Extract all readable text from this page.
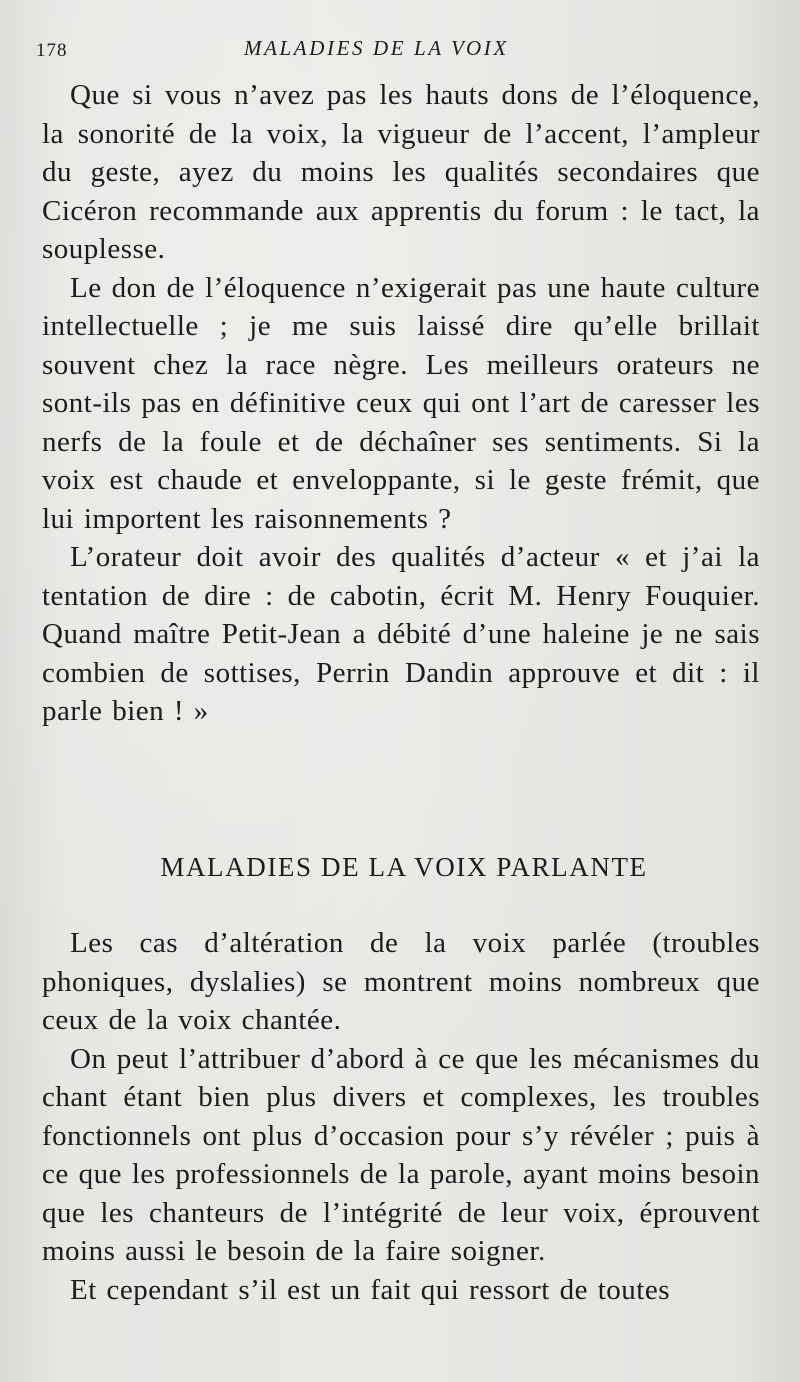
178	MALADIES DE LA VOIX

Que si vous n’avez pas les hauts dons de l’éloquence, la sonorité de la voix, la vigueur de l’accent, l’ampleur du geste, ayez du moins les qualités secondaires que Cicéron recommande aux apprentis du forum : le tact, la souplesse.

Le don de l’éloquence n’exigerait pas une haute culture intellectuelle ; je me suis laissé dire qu’elle brillait souvent chez la race nègre. Les meilleurs orateurs ne sont-ils pas en définitive ceux qui ont l’art de caresser les nerfs de la foule et de déchaîner ses sentiments. Si la voix est chaude et enveloppante, si le geste frémit, que lui importent les raisonnements ?

L’orateur doit avoir des qualités d’acteur « et j’ai la tentation de dire : de cabotin, écrit M. Henry Fouquier. Quand maître Petit-Jean a débité d’une haleine je ne sais combien de sottises, Perrin Dandin approuve et dit : il parle bien ! »

MALADIES DE LA VOIX PARLANTE

Les cas d’altération de la voix parlée (troubles phoniques, dyslalies) se montrent moins nombreux que ceux de la voix chantée.

On peut l’attribuer d’abord à ce que les mécanismes du chant étant bien plus divers et complexes, les troubles fonctionnels ont plus d’occasion pour s’y révéler ; puis à ce que les professionnels de la parole, ayant moins besoin que les chanteurs de l’intégrité de leur voix, éprouvent moins aussi le besoin de la faire soigner.

Et cependant s’il est un fait qui ressort de toutes
